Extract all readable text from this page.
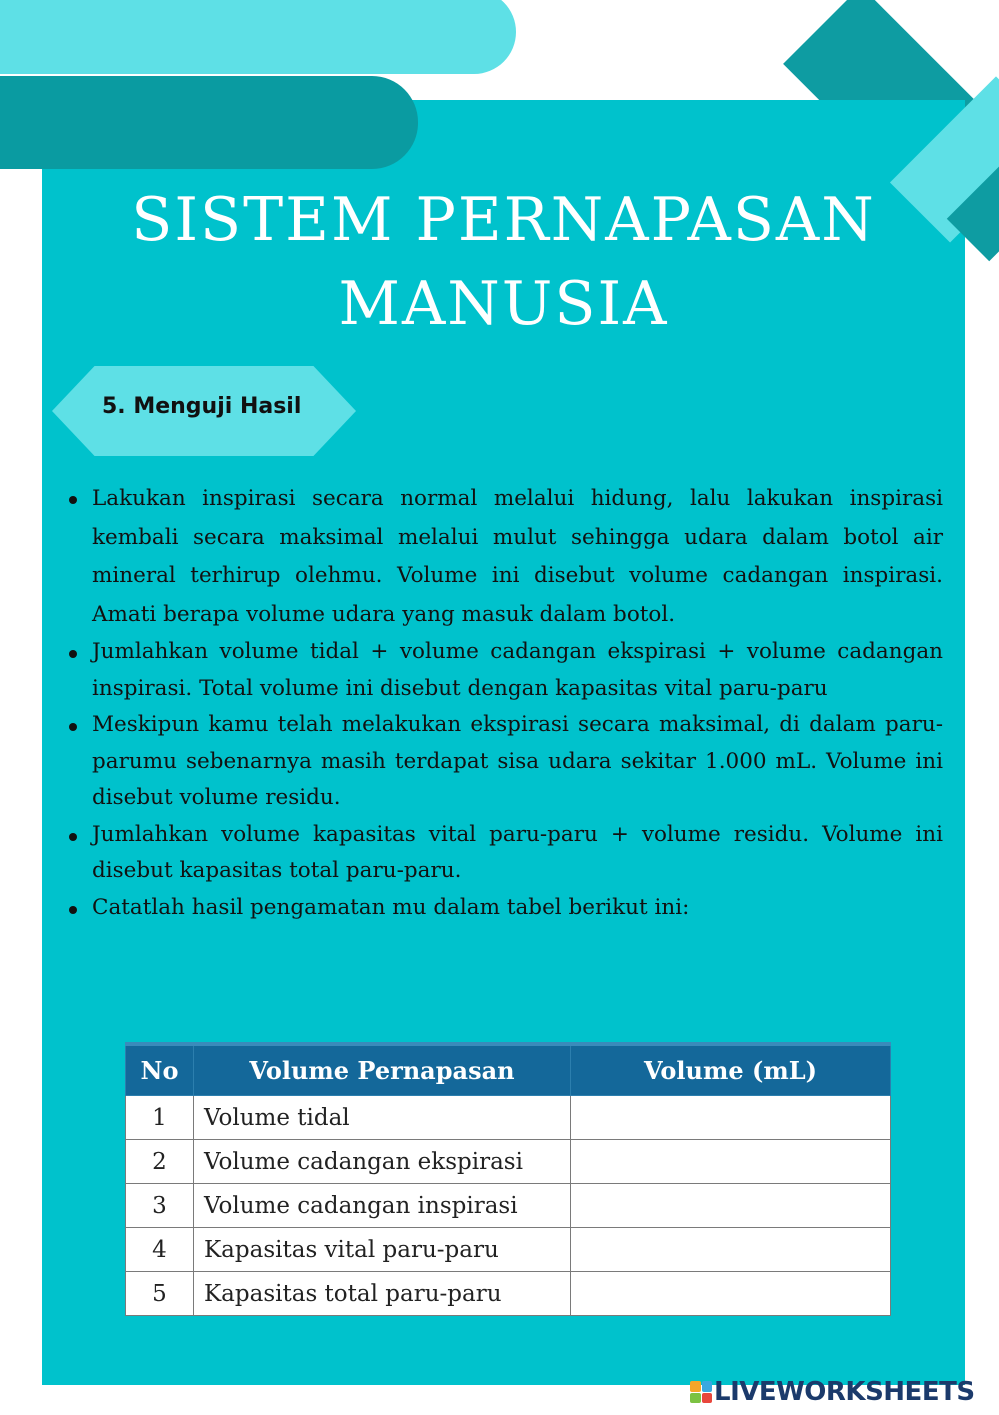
SISTEM PERNAPASAN
MANUSIA
5. Menguji Hasil
Lakukan inspirasi secara normal melalui hidung, lalu lakukan inspirasi kembali secara maksimal melalui mulut sehingga udara dalam botol air mineral terhirup olehmu. Volume ini disebut volume cadangan inspirasi. Amati berapa volume udara yang masuk dalam botol.
Jumlahkan volume tidal + volume cadangan ekspirasi + volume cadangan inspirasi. Total volume ini disebut dengan kapasitas vital paru-paru
Meskipun kamu telah melakukan ekspirasi secara maksimal, di dalam paru-parumu sebenarnya masih terdapat sisa udara sekitar 1.000 mL. Volume ini disebut volume residu.
Jumlahkan volume kapasitas vital paru-paru + volume residu. Volume ini disebut kapasitas total paru-paru.
Catatlah hasil pengamatan mu dalam tabel berikut ini:
No	Volume Pernapasan	Volume (mL)
1	Volume tidal	
2	Volume cadangan ekspirasi	
3	Volume cadangan inspirasi	
4	Kapasitas vital paru-paru	
5	Kapasitas total paru-paru	
LIVEWORKSHEETS
